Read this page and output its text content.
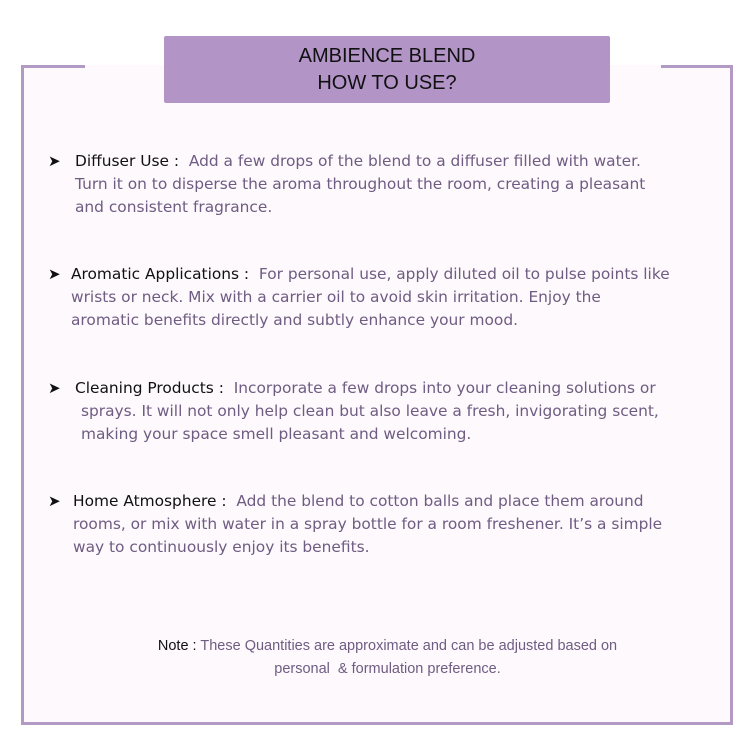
AMBIENCE BLEND
HOW TO USE?
➤ Diffuser Use : Add a few drops of the blend to a diffuser filled with water.
Turn it on to disperse the aroma throughout the room, creating a pleasant
and consistent fragrance.
➤ Aromatic Applications : For personal use, apply diluted oil to pulse points like
wrists or neck. Mix with a carrier oil to avoid skin irritation. Enjoy the
aromatic benefits directly and subtly enhance your mood.
➤ Cleaning Products : Incorporate a few drops into your cleaning solutions or
sprays. It will not only help clean but also leave a fresh, invigorating scent,
making your space smell pleasant and welcoming.
➤ Home Atmosphere : Add the blend to cotton balls and place them around
rooms, or mix with water in a spray bottle for a room freshener. It’s a simple
way to continuously enjoy its benefits.
Note : These Quantities are approximate and can be adjusted based on
personal  & formulation preference.
